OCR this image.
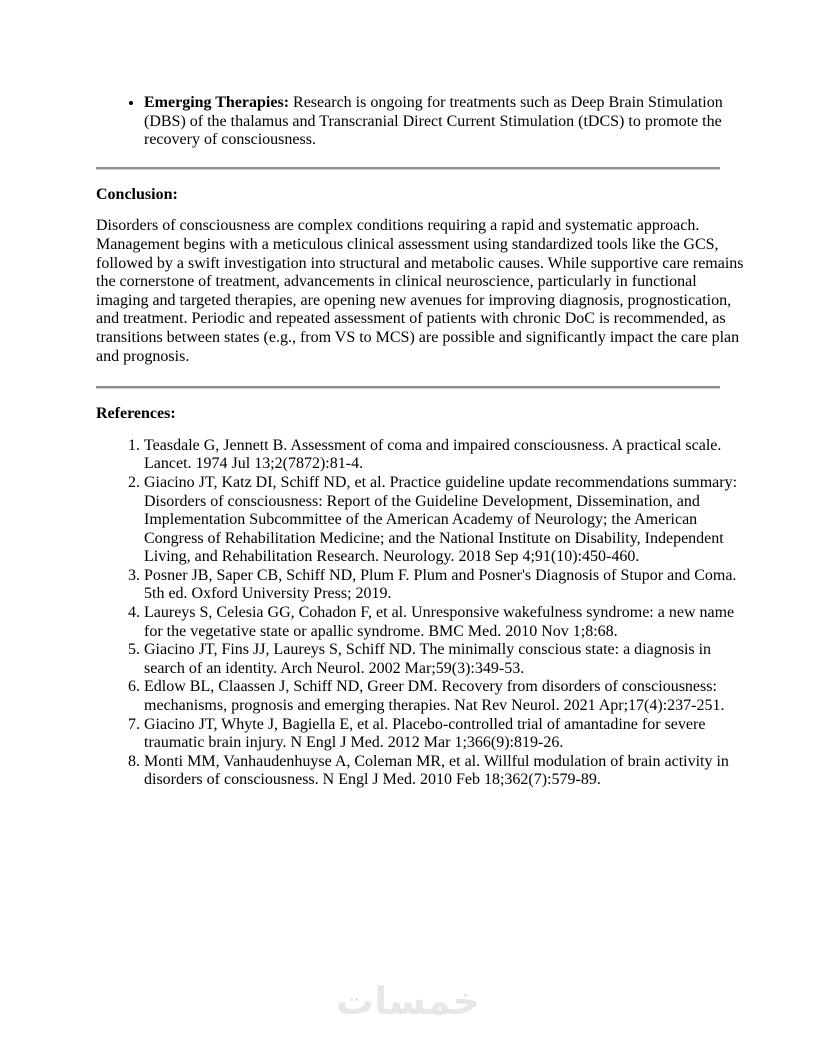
• Emerging Therapies: Research is ongoing for treatments such as Deep Brain Stimulation (DBS) of the thalamus and Transcranial Direct Current Stimulation (tDCS) to promote the recovery of consciousness.

Conclusion:

Disorders of consciousness are complex conditions requiring a rapid and systematic approach. Management begins with a meticulous clinical assessment using standardized tools like the GCS, followed by a swift investigation into structural and metabolic causes. While supportive care remains the cornerstone of treatment, advancements in clinical neuroscience, particularly in functional imaging and targeted therapies, are opening new avenues for improving diagnosis, prognostication, and treatment. Periodic and repeated assessment of patients with chronic DoC is recommended, as transitions between states (e.g., from VS to MCS) are possible and significantly impact the care plan and prognosis.

References:

1. Teasdale G, Jennett B. Assessment of coma and impaired consciousness. A practical scale. Lancet. 1974 Jul 13;2(7872):81-4.
2. Giacino JT, Katz DI, Schiff ND, et al. Practice guideline update recommendations summary: Disorders of consciousness: Report of the Guideline Development, Dissemination, and Implementation Subcommittee of the American Academy of Neurology; the American Congress of Rehabilitation Medicine; and the National Institute on Disability, Independent Living, and Rehabilitation Research. Neurology. 2018 Sep 4;91(10):450-460.
3. Posner JB, Saper CB, Schiff ND, Plum F. Plum and Posner's Diagnosis of Stupor and Coma. 5th ed. Oxford University Press; 2019.
4. Laureys S, Celesia GG, Cohadon F, et al. Unresponsive wakefulness syndrome: a new name for the vegetative state or apallic syndrome. BMC Med. 2010 Nov 1;8:68.
5. Giacino JT, Fins JJ, Laureys S, Schiff ND. The minimally conscious state: a diagnosis in search of an identity. Arch Neurol. 2002 Mar;59(3):349-53.
6. Edlow BL, Claassen J, Schiff ND, Greer DM. Recovery from disorders of consciousness: mechanisms, prognosis and emerging therapies. Nat Rev Neurol. 2021 Apr;17(4):237-251.
7. Giacino JT, Whyte J, Bagiella E, et al. Placebo-controlled trial of amantadine for severe traumatic brain injury. N Engl J Med. 2012 Mar 1;366(9):819-26.
8. Monti MM, Vanhaudenhuyse A, Coleman MR, et al. Willful modulation of brain activity in disorders of consciousness. N Engl J Med. 2010 Feb 18;362(7):579-89.
خمسات
